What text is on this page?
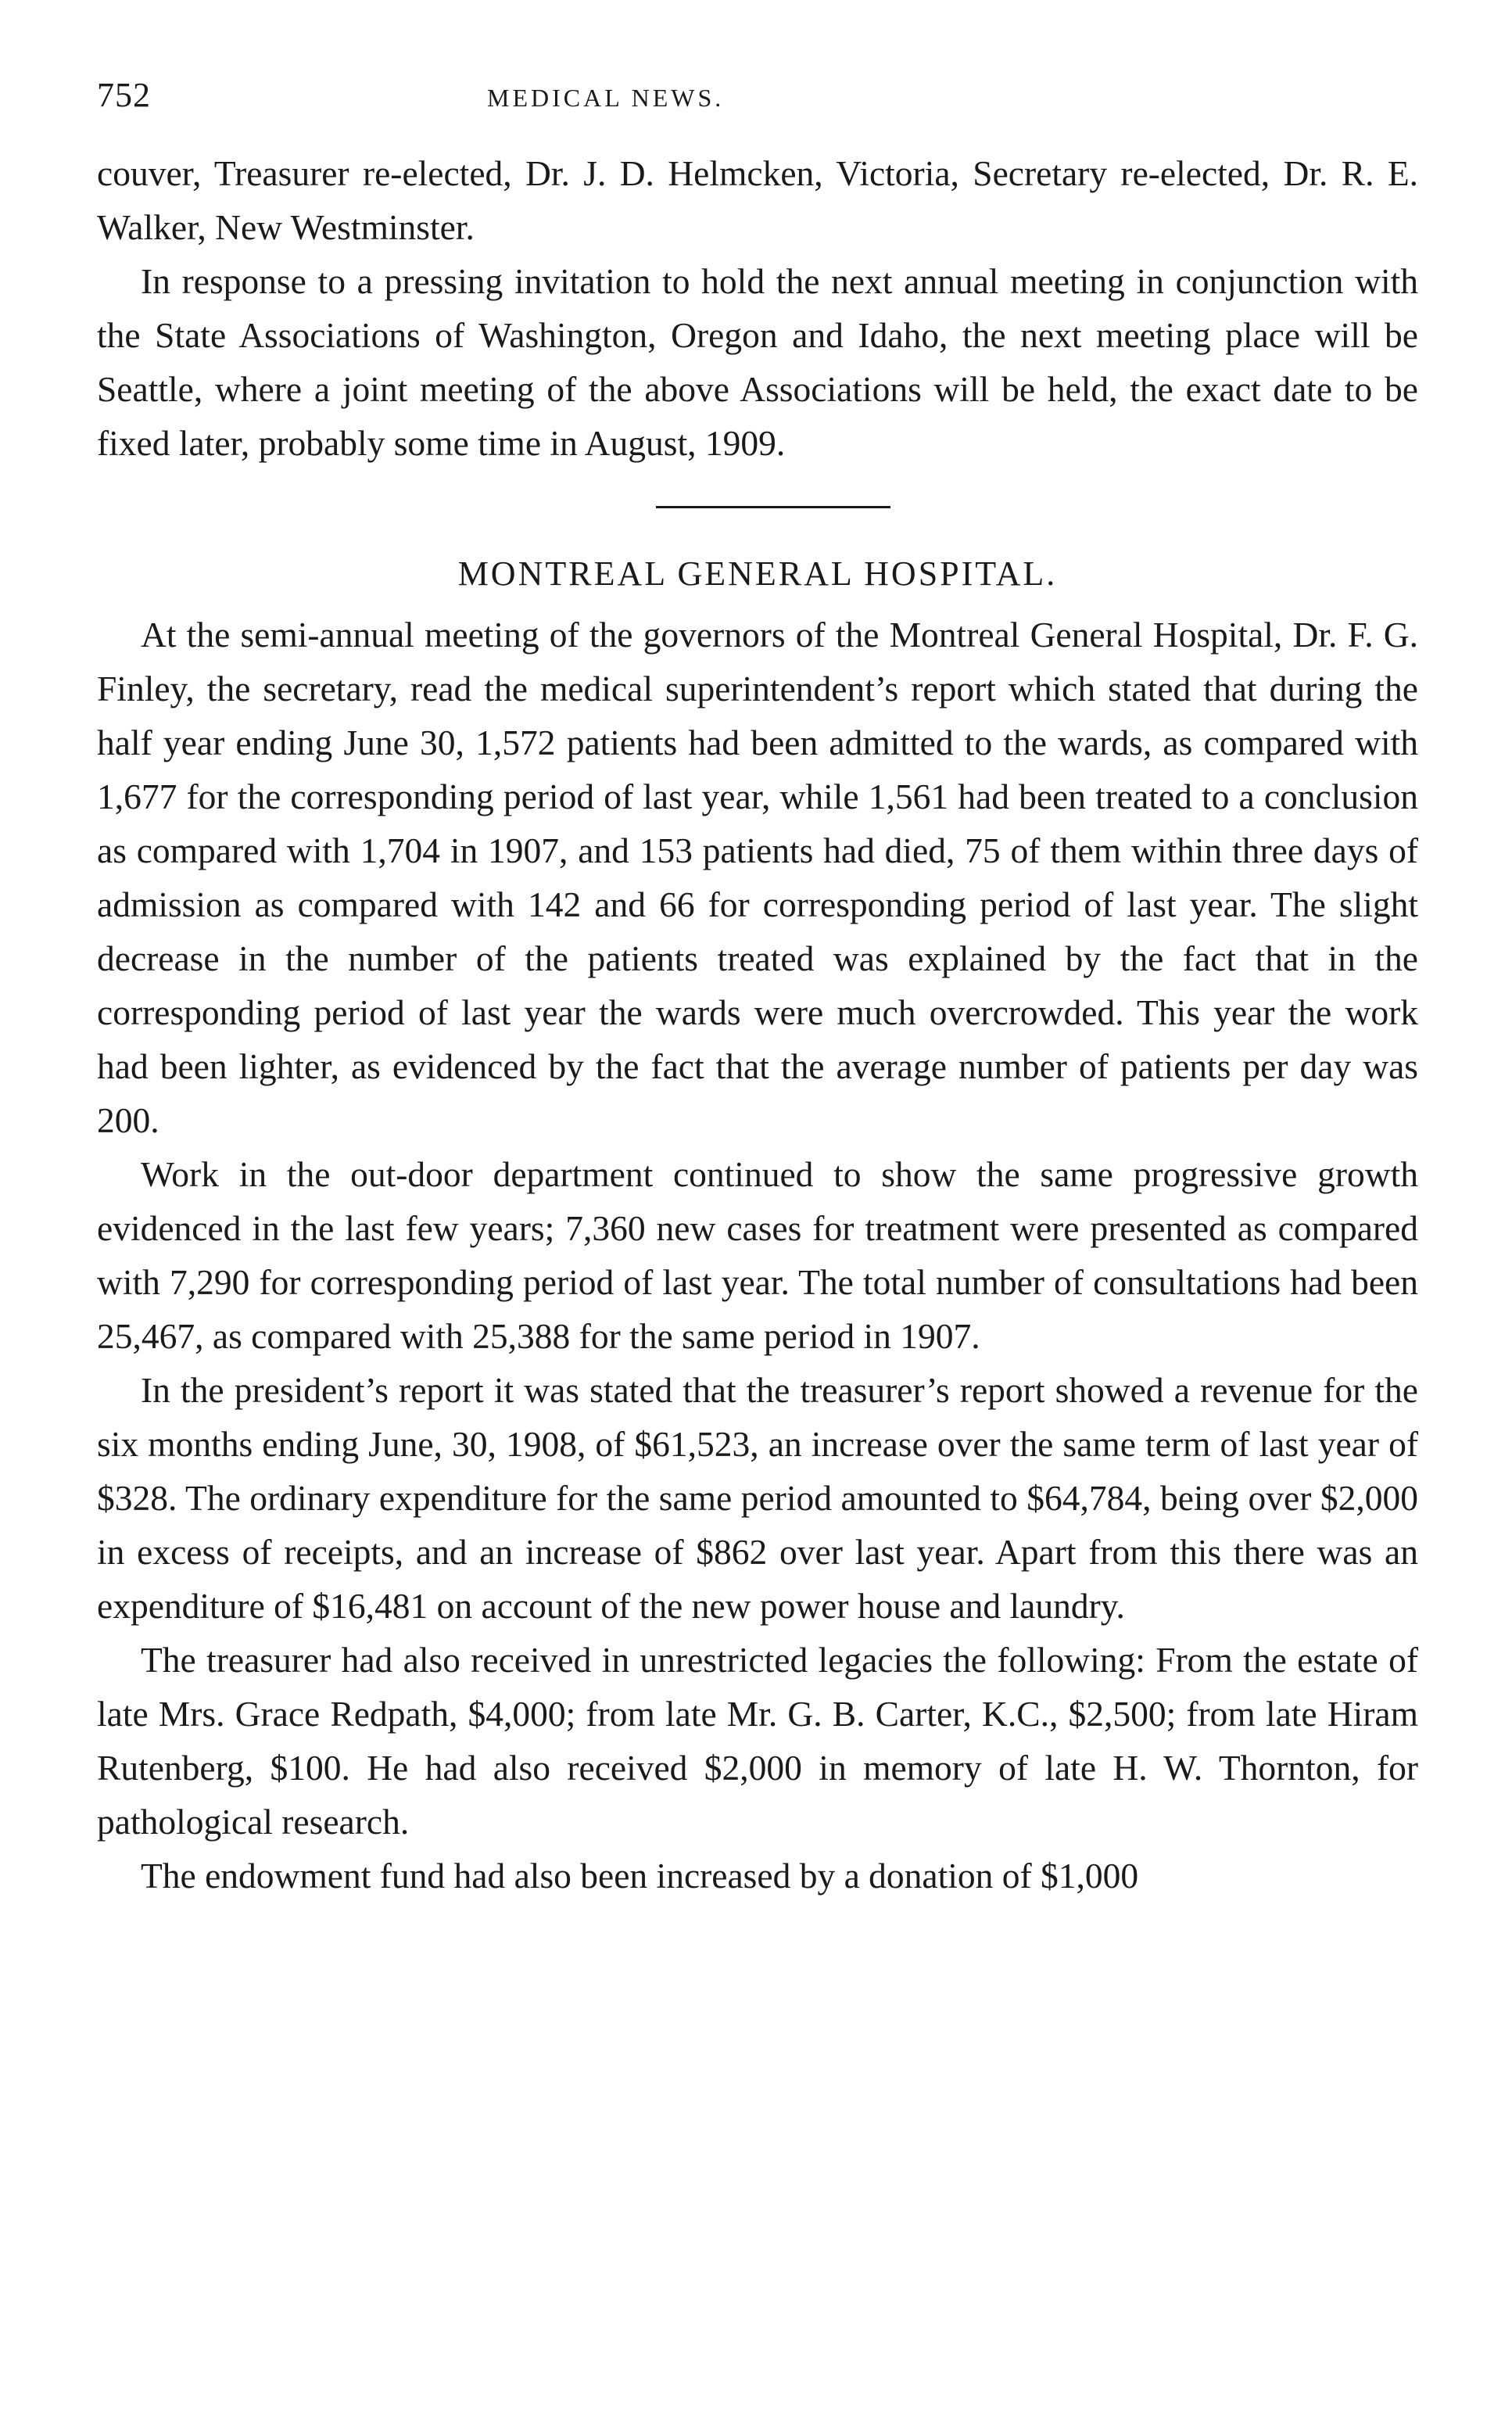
752	MEDICAL NEWS.

couver, Treasurer re-elected, Dr. J. D. Helmcken, Victoria, Secretary re-elected, Dr. R. E. Walker, New Westminster.

In response to a pressing invitation to hold the next annual meeting in conjunction with the State Associations of Washington, Oregon and Idaho, the next meeting place will be Seattle, where a joint meeting of the above Associations will be held, the exact date to be fixed later, probably some time in August, 1909.

MONTREAL GENERAL HOSPITAL.

At the semi-annual meeting of the governors of the Montreal General Hospital, Dr. F. G. Finley, the secretary, read the medical superintendent’s report which stated that during the half year ending June 30, 1,572 patients had been admitted to the wards, as compared with 1,677 for the corresponding period of last year, while 1,561 had been treated to a conclusion as compared with 1,704 in 1907, and 153 patients had died, 75 of them within three days of admission as compared with 142 and 66 for corresponding period of last year. The slight decrease in the number of the patients treated was explained by the fact that in the corresponding period of last year the wards were much overcrowded. This year the work had been lighter, as evidenced by the fact that the average number of patients per day was 200.

Work in the out-door department continued to show the same progressive growth evidenced in the last few years; 7,360 new cases for treatment were presented as compared with 7,290 for corresponding period of last year. The total number of consultations had been 25,467, as compared with 25,388 for the same period in 1907.

In the president’s report it was stated that the treasurer’s report showed a revenue for the six months ending June, 30, 1908, of $61,523, an increase over the same term of last year of $328. The ordinary expenditure for the same period amounted to $64,784, being over $2,000 in excess of receipts, and an increase of $862 over last year. Apart from this there was an expenditure of $16,481 on account of the new power house and laundry.

The treasurer had also received in unrestricted legacies the following: From the estate of late Mrs. Grace Redpath, $4,000; from late Mr. G. B. Carter, K.C., $2,500; from late Hiram Rutenberg, $100. He had also received $2,000 in memory of late H. W. Thornton, for pathological research.

The endowment fund had also been increased by a donation of $1,000
